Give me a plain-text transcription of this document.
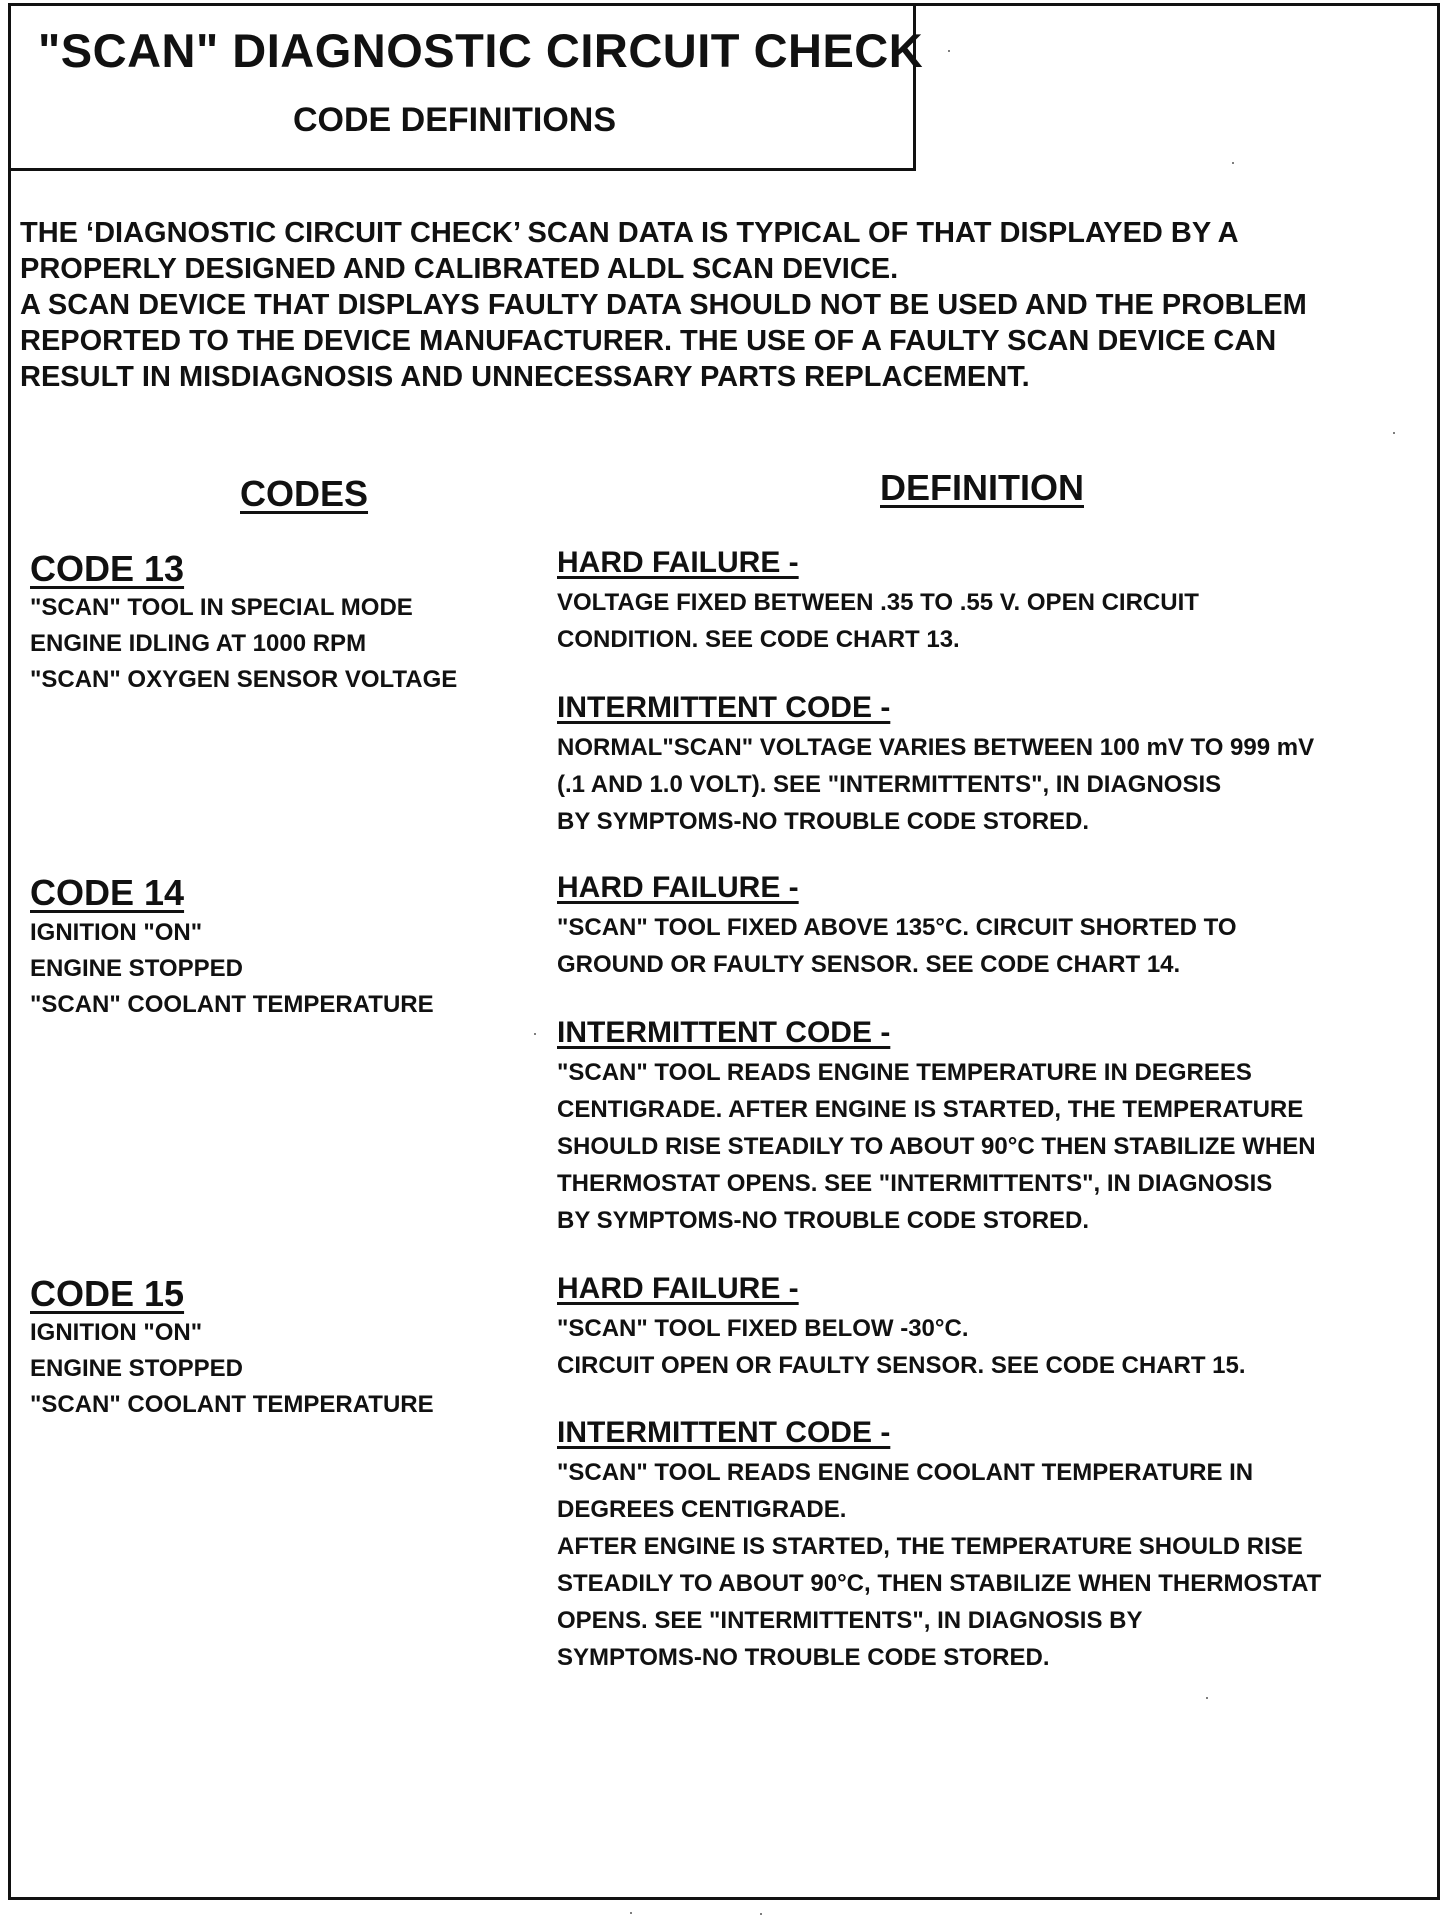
"SCAN" DIAGNOSTIC CIRCUIT CHECK
CODE DEFINITIONS

THE ‘DIAGNOSTIC CIRCUIT CHECK’ SCAN DATA IS TYPICAL OF THAT DISPLAYED BY A

PROPERLY DESIGNED AND CALIBRATED ALDL SCAN DEVICE.

A SCAN DEVICE THAT DISPLAYS FAULTY DATA SHOULD NOT BE USED AND THE PROBLEM

REPORTED TO THE DEVICE MANUFACTURER. THE USE OF A FAULTY SCAN DEVICE CAN

RESULT IN MISDIAGNOSIS AND UNNECESSARY PARTS REPLACEMENT.

CODES	DEFINITION
CODE 13
"SCAN" TOOL IN SPECIAL MODE
ENGINE IDLING AT 1000 RPM
"SCAN" OXYGEN SENSOR VOLTAGE
HARD FAILURE -
VOLTAGE FIXED BETWEEN .35 TO .55 V. OPEN CIRCUIT
CONDITION. SEE CODE CHART 13.
INTERMITTENT CODE -
NORMAL"SCAN" VOLTAGE VARIES BETWEEN 100 mV TO 999 mV
(.1 AND 1.0 VOLT). SEE "INTERMITTENTS", IN DIAGNOSIS
BY SYMPTOMS-NO TROUBLE CODE STORED.
CODE 14
IGNITION "ON"
ENGINE STOPPED
"SCAN" COOLANT TEMPERATURE
HARD FAILURE -
"SCAN" TOOL FIXED ABOVE 135°C. CIRCUIT SHORTED TO
GROUND OR FAULTY SENSOR. SEE CODE CHART 14.
INTERMITTENT CODE -
"SCAN" TOOL READS ENGINE TEMPERATURE IN DEGREES
CENTIGRADE. AFTER ENGINE IS STARTED, THE TEMPERATURE
SHOULD RISE STEADILY TO ABOUT 90°C THEN STABILIZE WHEN
THERMOSTAT OPENS. SEE "INTERMITTENTS", IN DIAGNOSIS
BY SYMPTOMS-NO TROUBLE CODE STORED.
CODE 15
IGNITION "ON"
ENGINE STOPPED
"SCAN" COOLANT TEMPERATURE
HARD FAILURE -
"SCAN" TOOL FIXED BELOW -30°C.
CIRCUIT OPEN OR FAULTY SENSOR. SEE CODE CHART 15.
INTERMITTENT CODE -
"SCAN" TOOL READS ENGINE COOLANT TEMPERATURE IN
DEGREES CENTIGRADE.
AFTER ENGINE IS STARTED, THE TEMPERATURE SHOULD RISE
STEADILY TO ABOUT 90°C, THEN STABILIZE WHEN THERMOSTAT
OPENS. SEE "INTERMITTENTS", IN DIAGNOSIS BY
SYMPTOMS-NO TROUBLE CODE STORED.
